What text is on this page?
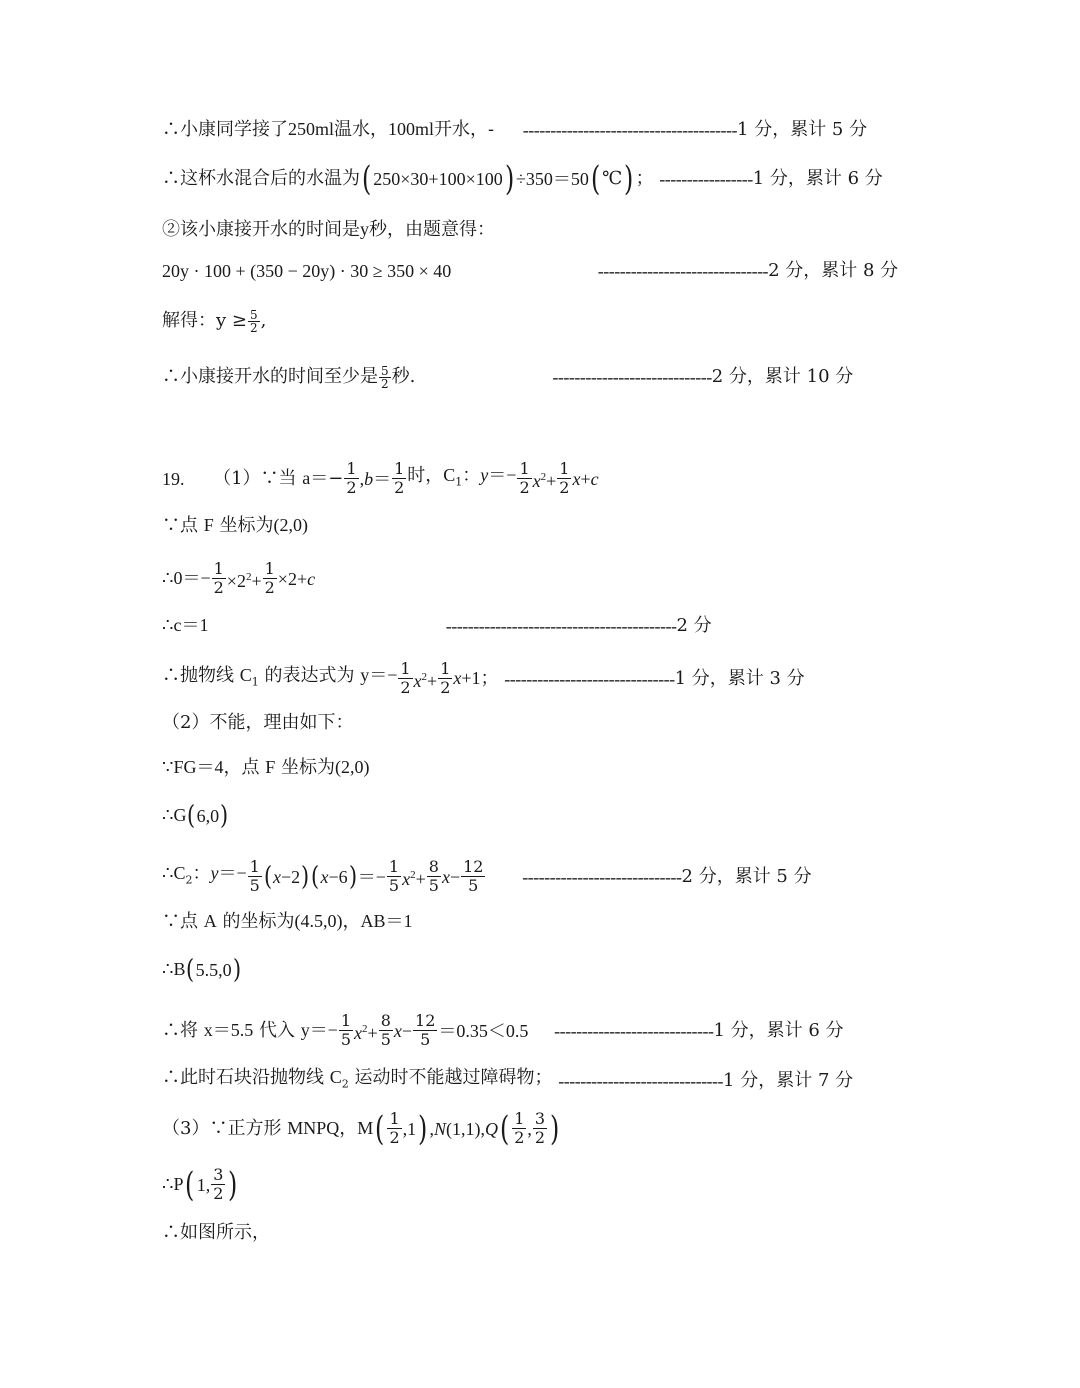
∴小康同学接了250ml温水，100ml开水，-     ---------------------------------------1 分，累计 5 分
∴这杯水混合后的水温为( 250×30+100×100) ÷350＝50( ℃) ； -----------------1 分，累计 6 分
②该小康接开水的时间是y秒，由题意得：
20y · 100 + (350 − 20y) · 30 ≥ 350 × 40	-------------------------------2 分，累计 8 分
解得：$y \ge \frac{5}{2}$ ,
∴小康接开水的时间至少是 $\frac{5}{2}$ 秒.	-----------------------------2 分，累计 10 分
19.     （1）∵当 $a=- \frac{1}{2} ,b= \frac{1}{2}$ 时，$C_1$：$y=- \frac{1}{2} x^2+ \frac{1}{2} x+c$
∵点 F 坐标为(2,0)
∴0＝− $\frac{1}{2} \times 2^2+ \frac{1}{2} \times 2+c$
∴c＝1	------------------------------------------2 分
∴抛物线 $C_1$ 的表达式为 $y=- \frac{1}{2} x^2+ \frac{1}{2} x+1$； -------------------------------1 分，累计 3 分
（2）不能，理由如下：
∵FG＝4，点 F 坐标为(2,0)
∴G(6,0)
$\therefore C_2$：$y=- \frac{1}{5} (x-2)(x-6)=- \frac{1}{5} x^2+ \frac{8}{5} x- \frac{12}{5} -----------------------------2$ 分，累计 5 分
∵点 A 的坐标为(4.5,0)，AB＝1
∴B(5.5,0)
∴将 x＝5.5 代入 $y=- \frac{1}{5} x^2+ \frac{8}{5} x- \frac{12}{5} =0.35<0.5$ -----------------------------1 分，累计 6 分
∴此时石块沿抛物线 $C_2$ 运动时不能越过障碍物； ------------------------------1 分，累计 7 分
（3）∵正方形 MNPQ，$M( \frac{1}{2} ,1)$ $,N(1,1),Q( \frac{1}{2}$ , $\frac{3}{2}$ )
∴P( 1, $\frac{3}{2}$ )
∴如图所示，
